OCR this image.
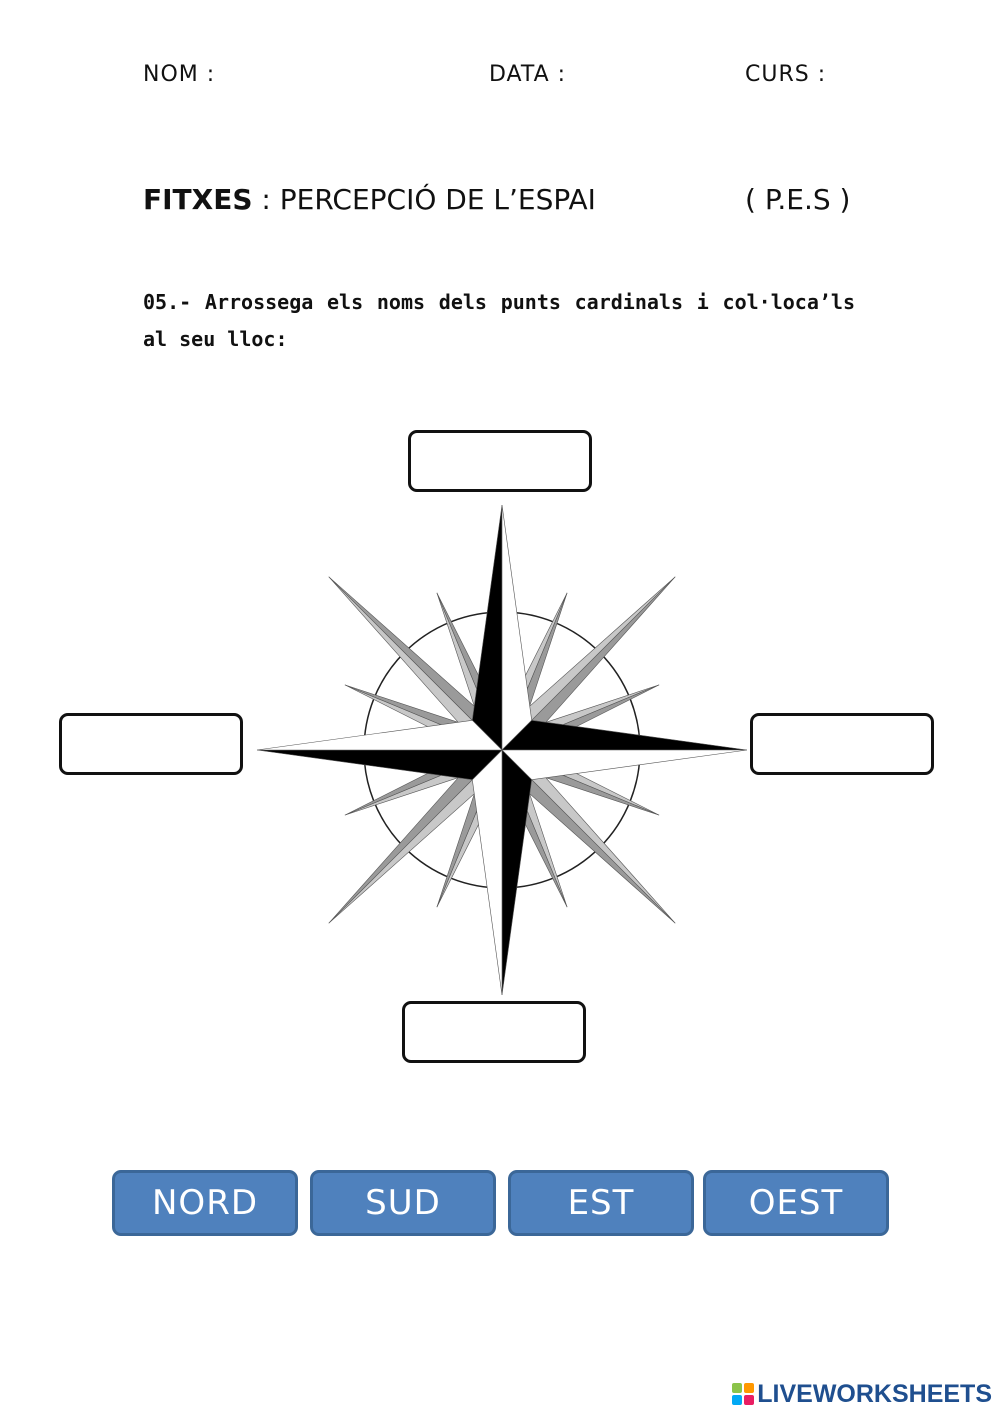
NOM :	DATA :	CURS :
FITXES : PERCEPCIÓ DE L’ESPAI	( P.E.S )
05.- Arrossega els noms dels punts cardinals i col·loca’ls al seu lloc:
NORD	SUD	EST	OEST
LIVEWORKSHEETS
